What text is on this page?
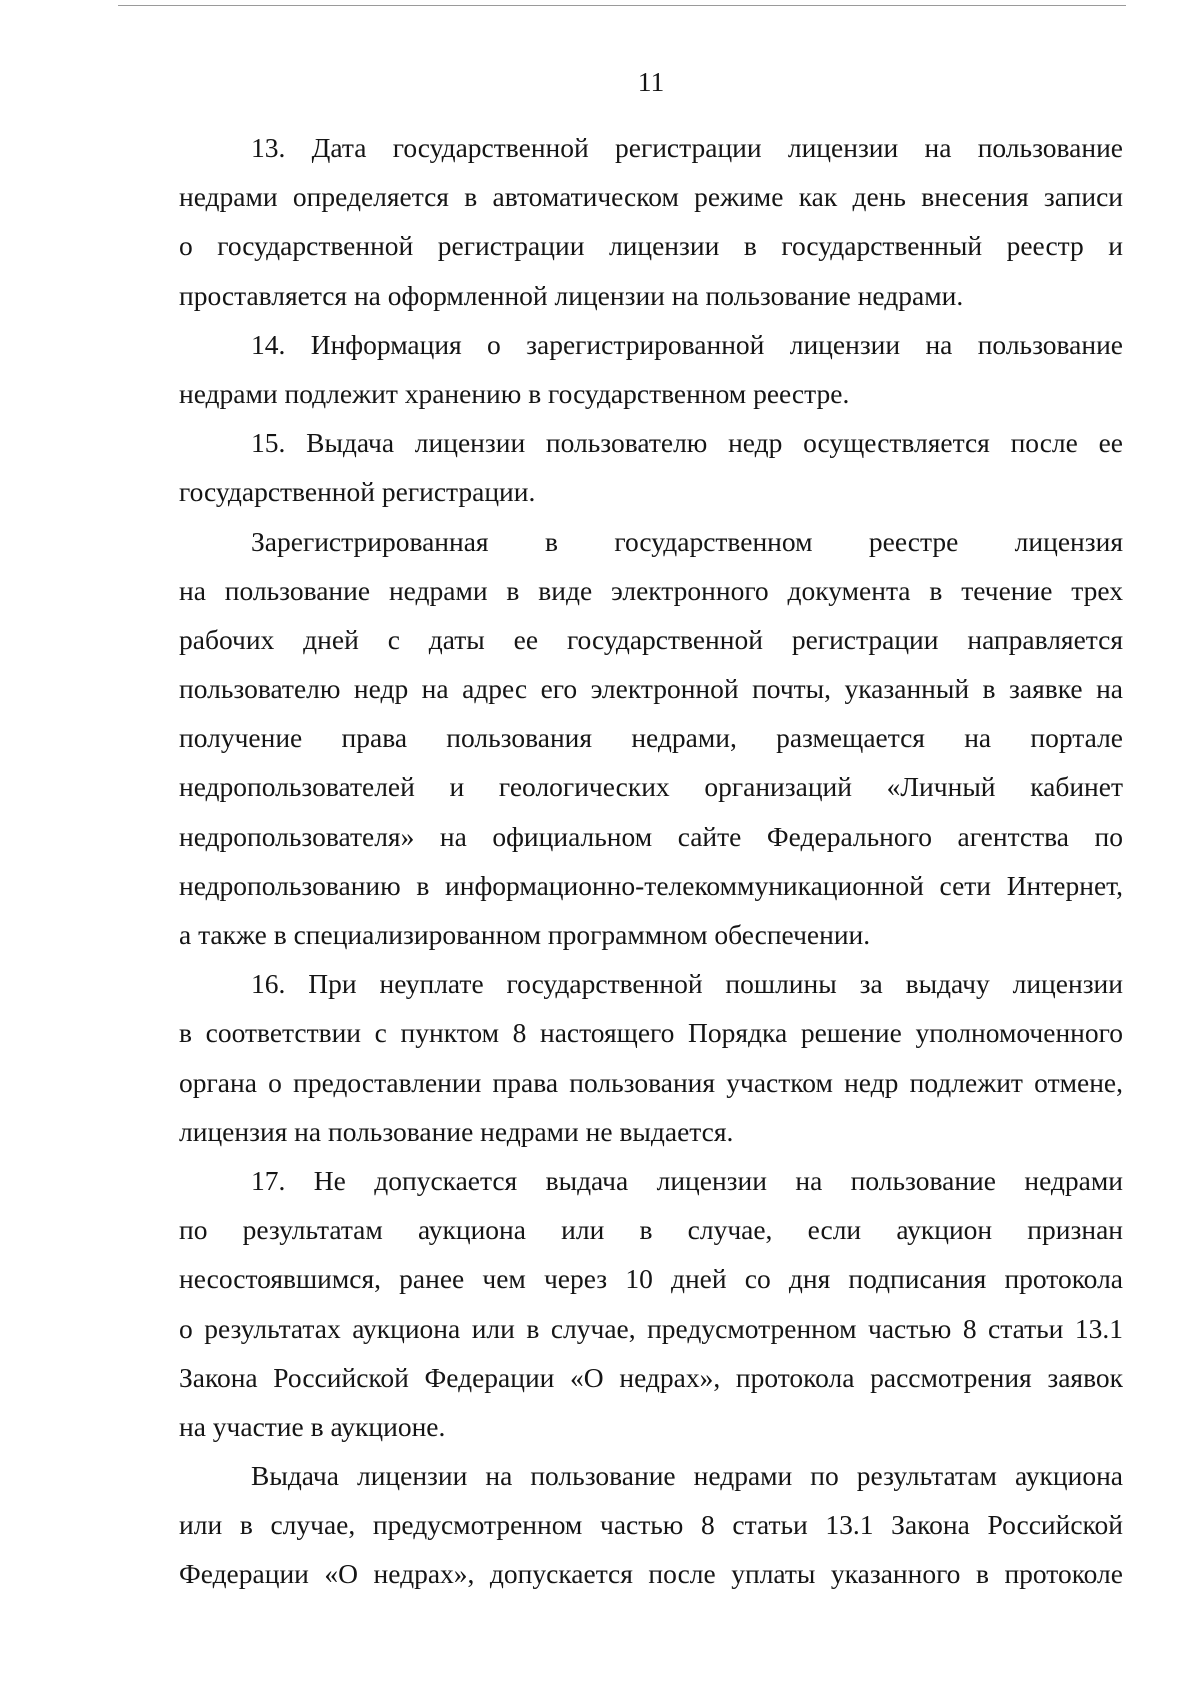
11
13. Дата государственной регистрации лицензии на пользование
недрами определяется в автоматическом режиме как день внесения записи
о государственной регистрации лицензии в государственный реестр и
проставляется на оформленной лицензии на пользование недрами.
14. Информация о зарегистрированной лицензии на пользование
недрами подлежит хранению в государственном реестре.
15. Выдача лицензии пользователю недр осуществляется после ее
государственной регистрации.
Зарегистрированная в государственном реестре лицензия
на пользование недрами в виде электронного документа в течение трех
рабочих дней с даты ее государственной регистрации направляется
пользователю недр на адрес его электронной почты, указанный в заявке на
получение права пользования недрами, размещается на портале
недропользователей и геологических организаций «Личный кабинет
недропользователя» на официальном сайте Федерального агентства по
недропользованию в информационно-телекоммуникационной сети Интернет,
а также в специализированном программном обеспечении.
16. При неуплате государственной пошлины за выдачу лицензии
в соответствии с пунктом 8 настоящего Порядка решение уполномоченного
органа о предоставлении права пользования участком недр подлежит отмене,
лицензия на пользование недрами не выдается.
17. Не допускается выдача лицензии на пользование недрами
по результатам аукциона или в случае, если аукцион признан
несостоявшимся, ранее чем через 10 дней со дня подписания протокола
о результатах аукциона или в случае, предусмотренном частью 8 статьи 13.1
Закона Российской Федерации «О недрах», протокола рассмотрения заявок
на участие в аукционе.
Выдача лицензии на пользование недрами по результатам аукциона
или в случае, предусмотренном частью 8 статьи 13.1 Закона Российской
Федерации «О недрах», допускается после уплаты указанного в протоколе
